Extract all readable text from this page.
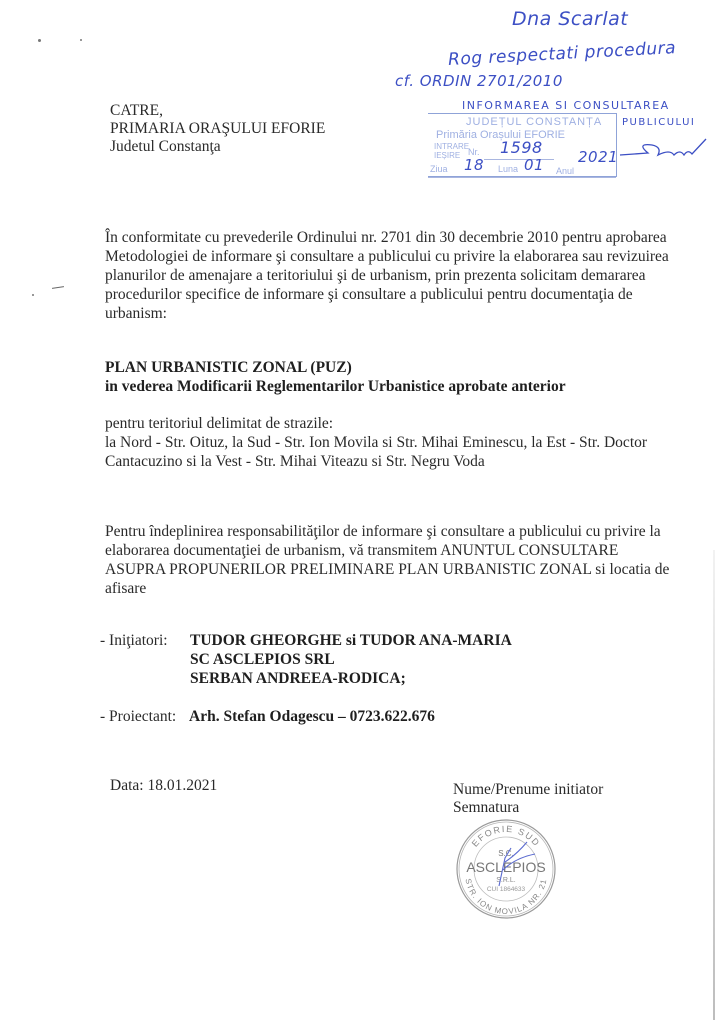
Dna Scarlat
Rog respectati procedura
cf. ORDIN 2701/2010
INFORMAREA SI CONSULTAREA
PUBLICULUI
JUDEȚUL CONSTANȚA
Primăria Orașului EFORIE
INTRARE
IEȘIRE Nr. 1598
Ziua 18 Luna 01 Anul
2021
CATRE,
PRIMARIA ORAŞULUI EFORIE
Judetul Constanţa
În conformitate cu prevederile Ordinului nr. 2701 din 30 decembrie 2010 pentru aprobarea
Metodologiei de informare şi consultare a publicului cu privire la elaborarea sau revizuirea
planurilor de amenajare a teritoriului şi de urbanism, prin prezenta solicitam demararea
procedurilor specifice de informare şi consultare a publicului pentru documentaţia de
urbanism:
PLAN URBANISTIC ZONAL (PUZ)
in vederea Modificarii Reglementarilor Urbanistice aprobate anterior
pentru teritoriul delimitat de strazile:
la Nord - Str. Oituz, la Sud - Str. Ion Movila si Str. Mihai Eminescu, la Est - Str. Doctor
Cantacuzino si la Vest - Str. Mihai Viteazu si Str. Negru Voda
Pentru îndeplinirea responsabilităţilor de informare şi consultare a publicului cu privire la
elaborarea documentaţiei de urbanism, vă transmitem ANUNTUL CONSULTARE
ASUPRA PROPUNERILOR PRELIMINARE PLAN URBANISTIC ZONAL si locatia de
afisare
- Iniţiatori: TUDOR GHEORGHE si TUDOR ANA-MARIA
SC ASCLEPIOS SRL
SERBAN ANDREEA-RODICA;
- Proiectant: Arh. Stefan Odagescu – 0723.622.676
Data: 18.01.2021	Nume/Prenume initiator
Semnatura
EFORIE SUD
STR. ION MOVILA NR. 21
S.C.
ASCLEPIOS
S.R.L.
CUI 1864633
